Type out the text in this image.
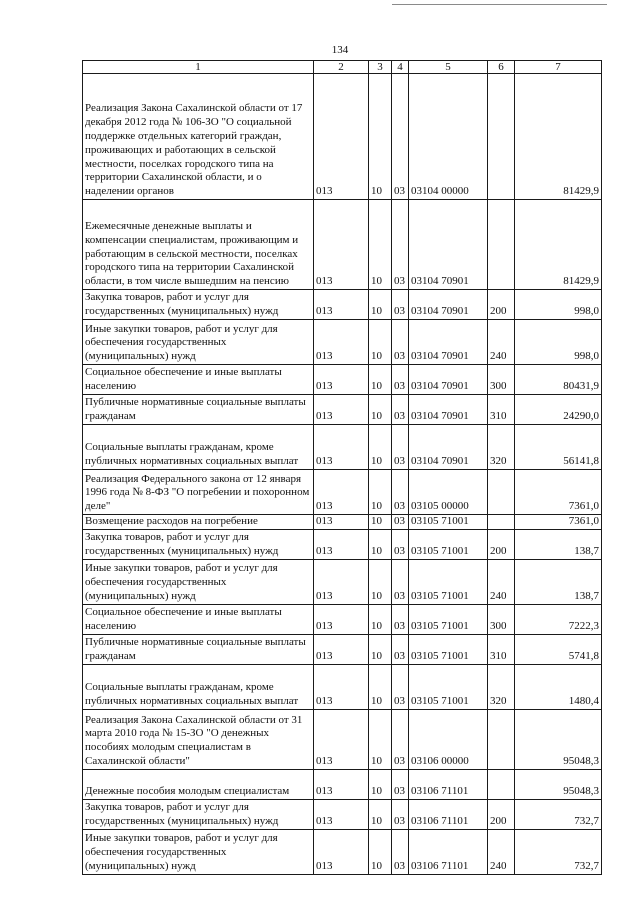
134
1	2	3	4	5	6	7
Реализация Закона Сахалинской области от 17 декабря 2012 года № 106-ЗО "О социальной поддержке отдельных категорий граждан, проживающих и работающих в сельской местности, поселках городского типа на территории Сахалинской области, и о наделении органов	013	10	03	03104 00000		81429,9
Ежемесячные денежные выплаты и компенсации специалистам, проживающим и работающим в сельской местности, поселках городского типа на территории Сахалинской области, в том числе вышедшим на пенсию	013	10	03	03104 70901		81429,9
Закупка товаров, работ и услуг для государственных (муниципальных) нужд	013	10	03	03104 70901	200	998,0
Иные закупки товаров, работ и услуг для обеспечения государственных (муниципальных) нужд	013	10	03	03104 70901	240	998,0
Социальное обеспечение и иные выплаты населению	013	10	03	03104 70901	300	80431,9
Публичные нормативные социальные выплаты гражданам	013	10	03	03104 70901	310	24290,0
Социальные выплаты гражданам, кроме публичных нормативных социальных выплат	013	10	03	03104 70901	320	56141,8
Реализация Федерального закона от 12 января 1996 года № 8-ФЗ "О погребении и похоронном деле"	013	10	03	03105 00000		7361,0
Возмещение расходов на погребение	013	10	03	03105 71001		7361,0
Закупка товаров, работ и услуг для государственных (муниципальных) нужд	013	10	03	03105 71001	200	138,7
Иные закупки товаров, работ и услуг для обеспечения государственных (муниципальных) нужд	013	10	03	03105 71001	240	138,7
Социальное обеспечение и иные выплаты населению	013	10	03	03105 71001	300	7222,3
Публичные нормативные социальные выплаты гражданам	013	10	03	03105 71001	310	5741,8
Социальные выплаты гражданам, кроме публичных нормативных социальных выплат	013	10	03	03105 71001	320	1480,4
Реализация Закона Сахалинской области от 31 марта 2010 года № 15-ЗО "О денежных пособиях молодым специалистам в Сахалинской области"	013	10	03	03106 00000		95048,3
Денежные пособия молодым специалистам	013	10	03	03106 71101		95048,3
Закупка товаров, работ и услуг для государственных (муниципальных) нужд	013	10	03	03106 71101	200	732,7
Иные закупки товаров, работ и услуг для обеспечения государственных (муниципальных) нужд	013	10	03	03106 71101	240	732,7
